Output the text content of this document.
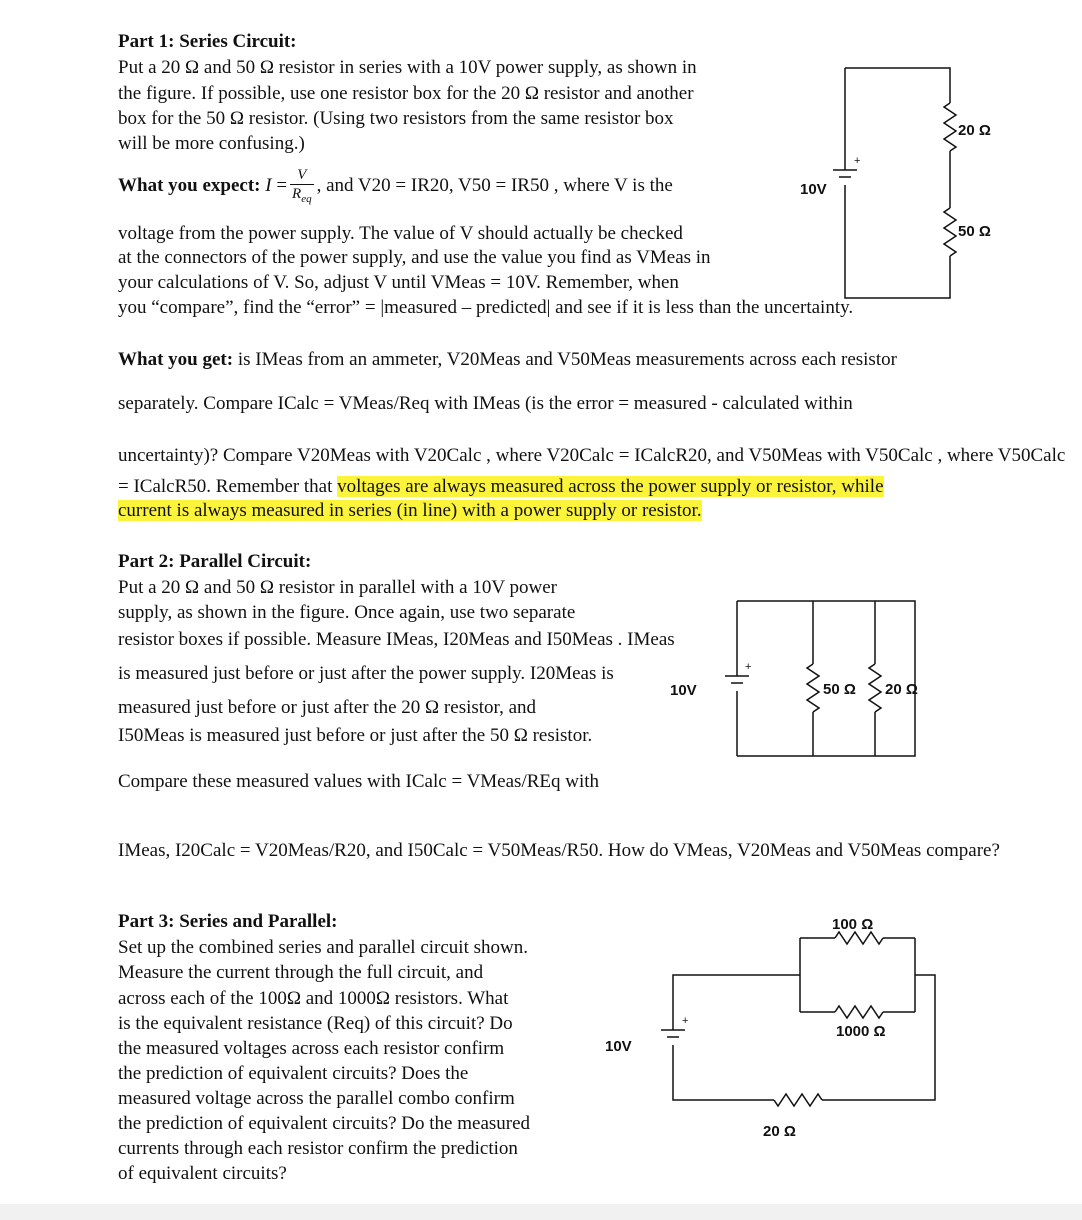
Part 1: Series Circuit:
Put a 20 Ω and 50 Ω resistor in series with a 10V power supply, as shown in
the figure. If possible, use one resistor box for the 20 Ω resistor and another
box for the 50 Ω resistor. (Using two resistors from the same resistor box
will be more confusing.)
What you expect: $I = \frac{V}{R_{eq}}$ , and V20 = IR20, V50 = IR50 , where V is the
voltage from the power supply. The value of V should actually be checked
at the connectors of the power supply, and use the value you find as VMeas in
your calculations of V. So, adjust V until VMeas = 10V. Remember, when
you “compare”, find the “error” = |measured – predicted| and see if it is less than the uncertainty.
What you get: is IMeas from an ammeter, V20Meas and V50Meas measurements across each resistor
separately. Compare ICalc = VMeas/Req with IMeas (is the error = measured - calculated within
uncertainty)? Compare V20Meas with V20Calc , where V20Calc = ICalcR20, and V50Meas with V50Calc , where V50Calc
= ICalcR50. Remember that voltages are always measured across the power supply or resistor, while
current is always measured in series (in line) with a power supply or resistor.
+
10V
20 Ω
50 Ω
Part 2: Parallel Circuit:
Put a 20 Ω and 50 Ω resistor in parallel with a 10V power
supply, as shown in the figure. Once again, use two separate
resistor boxes if possible. Measure IMeas, I20Meas and I50Meas . IMeas
is measured just before or just after the power supply. I20Meas is
measured just before or just after the 20 Ω resistor, and
I50Meas is measured just before or just after the 50 Ω resistor.
Compare these measured values with ICalc = VMeas/REq with
IMeas, I20Calc = V20Meas/R20, and I50Calc = V50Meas/R50. How do VMeas, V20Meas and V50Meas compare?
+
10V	50 Ω 20 Ω
Part 3: Series and Parallel:
Set up the combined series and parallel circuit shown.
Measure the current through the full circuit, and
across each of the 100Ω and 1000Ω resistors. What
is the equivalent resistance (Req) of this circuit? Do
the measured voltages across each resistor confirm
the prediction of equivalent circuits? Does the
measured voltage across the parallel combo confirm
the prediction of equivalent circuits? Do the measured
currents through each resistor confirm the prediction
of equivalent circuits?
+
10V
100 Ω
1000 Ω
20 Ω
